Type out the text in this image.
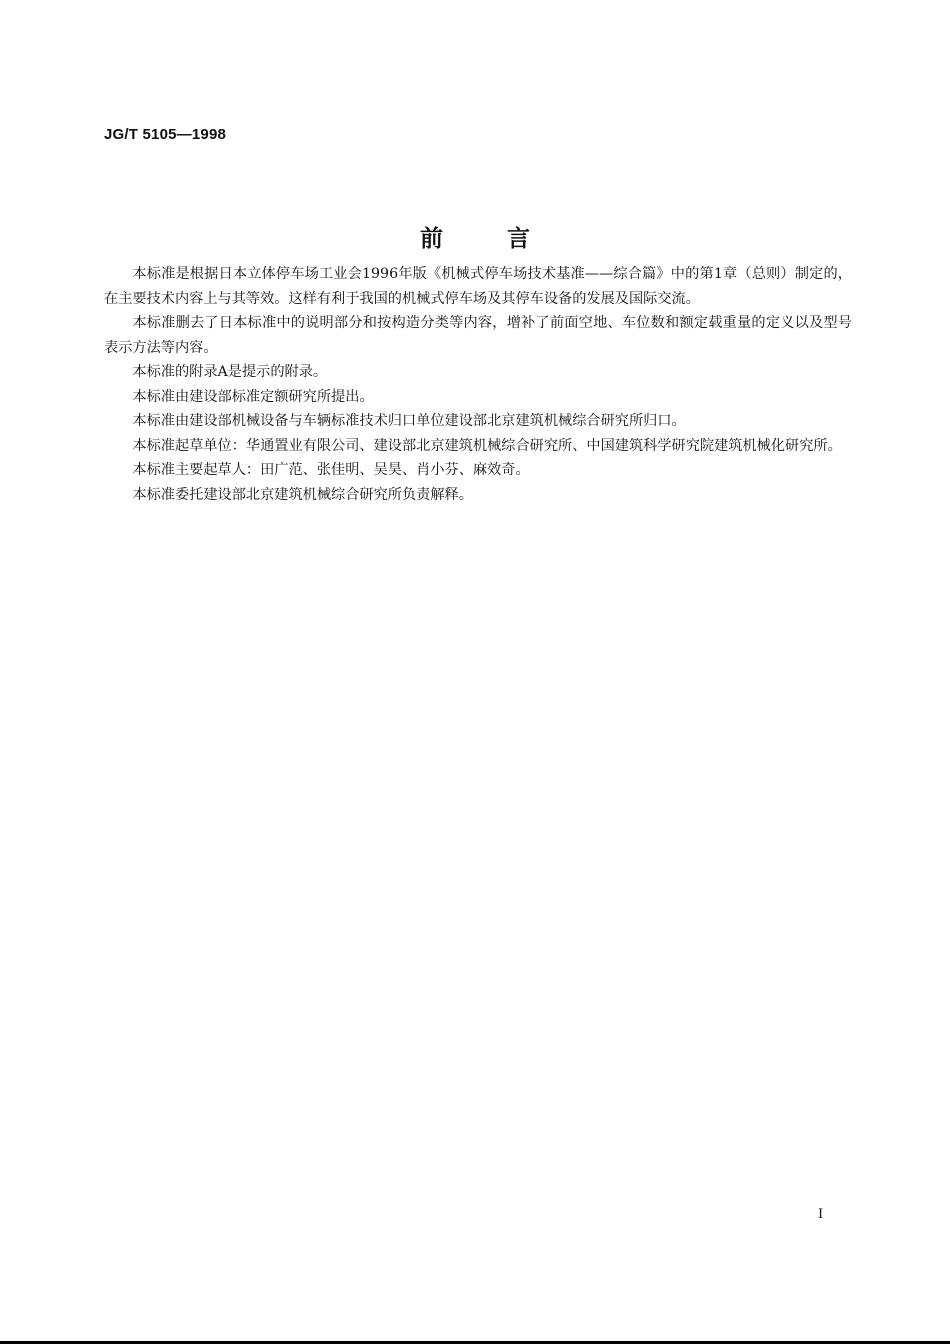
JG/T 5105—1998
前言

本标准是根据日本立体停车场工业会1996年版《机械式停车场技术基准——综合篇》中的第1章（总则）制定的，在主要技术内容上与其等效。这样有利于我国的机械式停车场及其停车设备的发展及国际交流。

本标准删去了日本标准中的说明部分和按构造分类等内容，增补了前面空地、车位数和额定载重量的定义以及型号表示方法等内容。

本标准的附录A是提示的附录。

本标准由建设部标准定额研究所提出。

本标准由建设部机械设备与车辆标准技术归口单位建设部北京建筑机械综合研究所归口。

本标准起草单位：华通置业有限公司、建设部北京建筑机械综合研究所、中国建筑科学研究院建筑机械化研究所。

本标准主要起草人：田广范、张佳明、吴昊、肖小芬、麻效奇。

本标准委托建设部北京建筑机械综合研究所负责解释。

I
